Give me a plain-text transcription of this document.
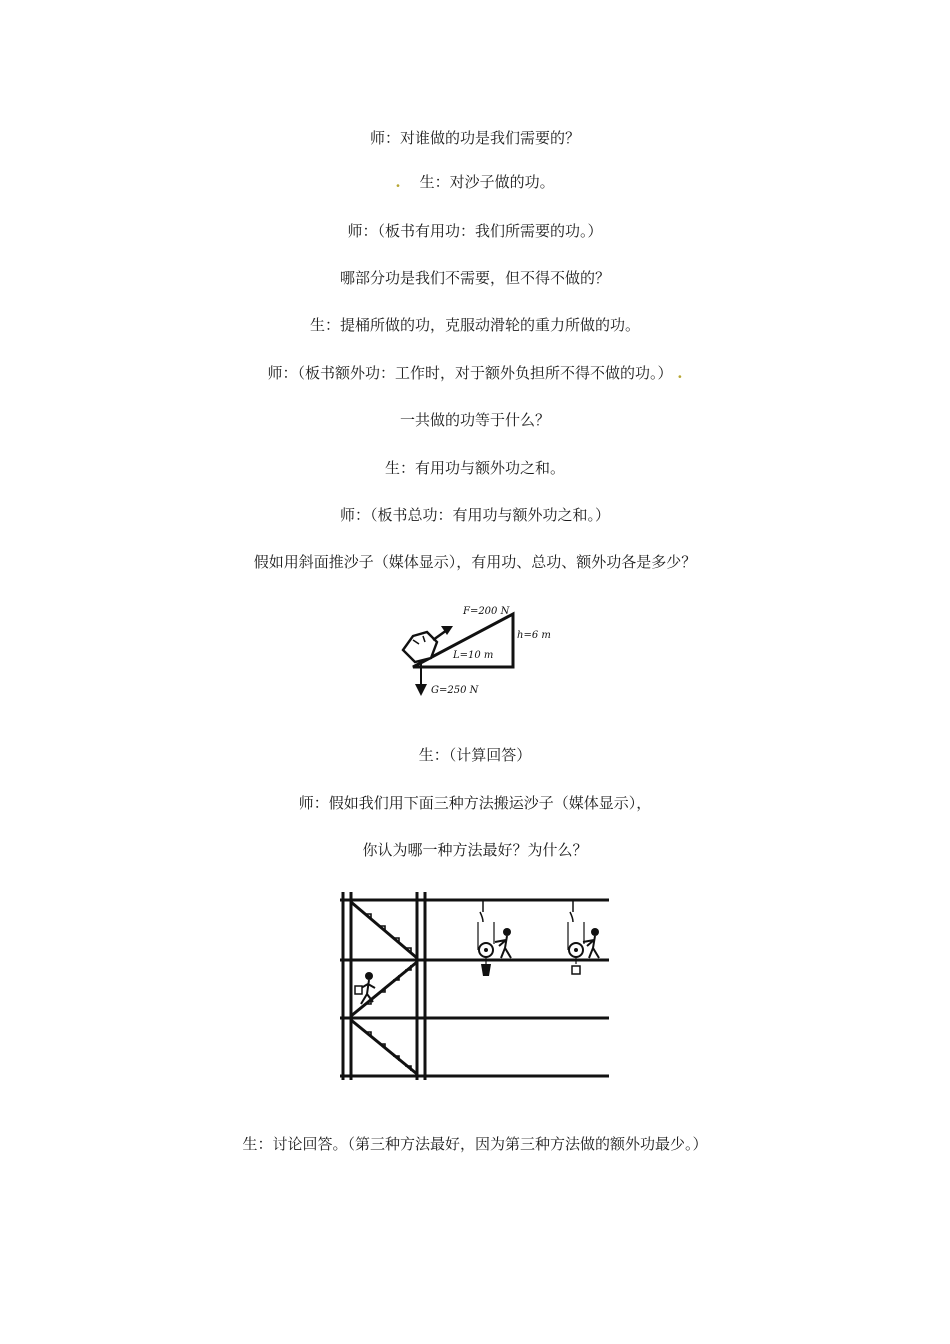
师：对谁做的功是我们需要的？
. 生：对沙子做的功。
师：（板书有用功：我们所需要的功。）
哪部分功是我们不需要，但不得不做的？
生：提桶所做的功，克服动滑轮的重力所做的功。
师：（板书额外功：工作时，对于额外负担所不得不做的功。） .
一共做的功等于什么？
生：有用功与额外功之和。
师：（板书总功：有用功与额外功之和。）
假如用斜面推沙子（媒体显示），有用功、总功、额外功各是多少？
F=200 N
h=6 m
L=10 m
G=250 N
生：（计算回答）
师：假如我们用下面三种方法搬运沙子（媒体显示），
你认为哪一种方法最好？为什么？
生：讨论回答。（第三种方法最好，因为第三种方法做的额外功最少。）
